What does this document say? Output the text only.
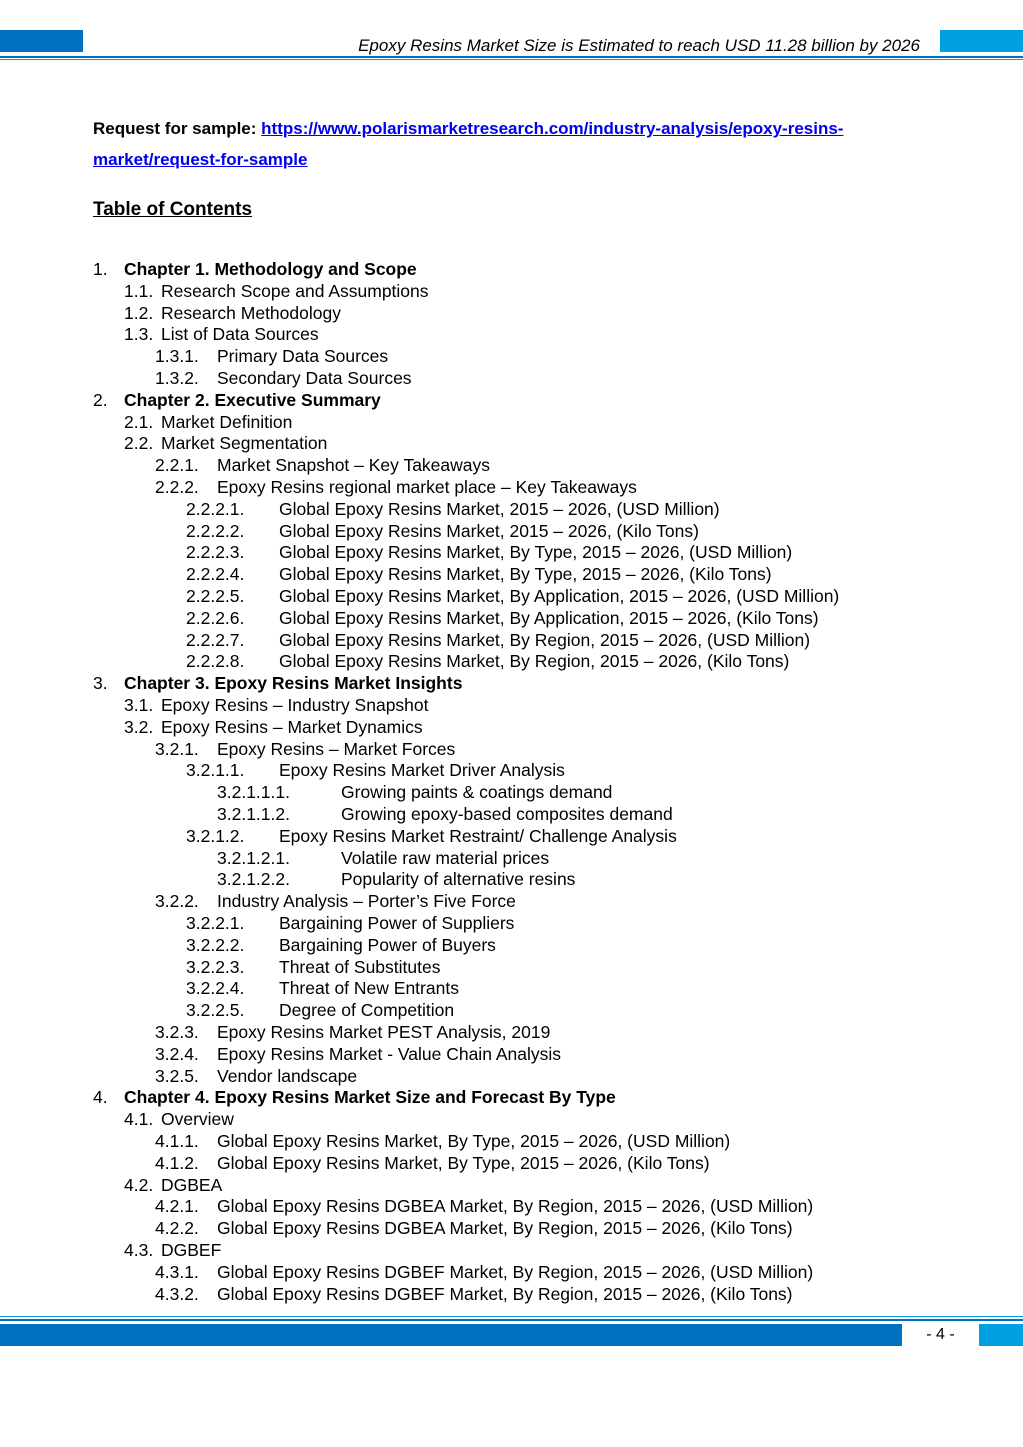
Epoxy Resins Market Size is Estimated to reach USD 11.28 billion by 2026
Request for sample: https://www.polarismarketresearch.com/industry-analysis/epoxy-resins-
market/request-for-sample
Table of Contents
1. Chapter 1. Methodology and Scope
1.1. Research Scope and Assumptions
1.2. Research Methodology
1.3. List of Data Sources
1.3.1. Primary Data Sources
1.3.2. Secondary Data Sources
2. Chapter 2. Executive Summary
2.1. Market Definition
2.2. Market Segmentation
2.2.1. Market Snapshot – Key Takeaways
2.2.2. Epoxy Resins regional market place – Key Takeaways
2.2.2.1. Global Epoxy Resins Market, 2015 – 2026, (USD Million)
2.2.2.2. Global Epoxy Resins Market, 2015 – 2026, (Kilo Tons)
2.2.2.3. Global Epoxy Resins Market, By Type, 2015 – 2026, (USD Million)
2.2.2.4. Global Epoxy Resins Market, By Type, 2015 – 2026, (Kilo Tons)
2.2.2.5. Global Epoxy Resins Market, By Application, 2015 – 2026, (USD Million)
2.2.2.6. Global Epoxy Resins Market, By Application, 2015 – 2026, (Kilo Tons)
2.2.2.7. Global Epoxy Resins Market, By Region, 2015 – 2026, (USD Million)
2.2.2.8. Global Epoxy Resins Market, By Region, 2015 – 2026, (Kilo Tons)
3. Chapter 3. Epoxy Resins Market Insights
3.1. Epoxy Resins – Industry Snapshot
3.2. Epoxy Resins – Market Dynamics
3.2.1. Epoxy Resins – Market Forces
3.2.1.1. Epoxy Resins Market Driver Analysis
3.2.1.1.1.	Growing paints & coatings demand
3.2.1.1.2.	Growing epoxy-based composites demand
3.2.1.2. Epoxy Resins Market Restraint/ Challenge Analysis
3.2.1.2.1.	Volatile raw material prices
3.2.1.2.2.	Popularity of alternative resins
3.2.2. Industry Analysis – Porter’s Five Force
3.2.2.1. Bargaining Power of Suppliers
3.2.2.2. Bargaining Power of Buyers
3.2.2.3. Threat of Substitutes
3.2.2.4. Threat of New Entrants
3.2.2.5. Degree of Competition
3.2.3. Epoxy Resins Market PEST Analysis, 2019
3.2.4. Epoxy Resins Market - Value Chain Analysis
3.2.5. Vendor landscape
4. Chapter 4. Epoxy Resins Market Size and Forecast By Type
4.1. Overview
4.1.1. Global Epoxy Resins Market, By Type, 2015 – 2026, (USD Million)
4.1.2. Global Epoxy Resins Market, By Type, 2015 – 2026, (Kilo Tons)
4.2. DGBEA
4.2.1. Global Epoxy Resins DGBEA Market, By Region, 2015 – 2026, (USD Million)
4.2.2. Global Epoxy Resins DGBEA Market, By Region, 2015 – 2026, (Kilo Tons)
4.3. DGBEF
4.3.1. Global Epoxy Resins DGBEF Market, By Region, 2015 – 2026, (USD Million)
4.3.2. Global Epoxy Resins DGBEF Market, By Region, 2015 – 2026, (Kilo Tons)
- 4 -
